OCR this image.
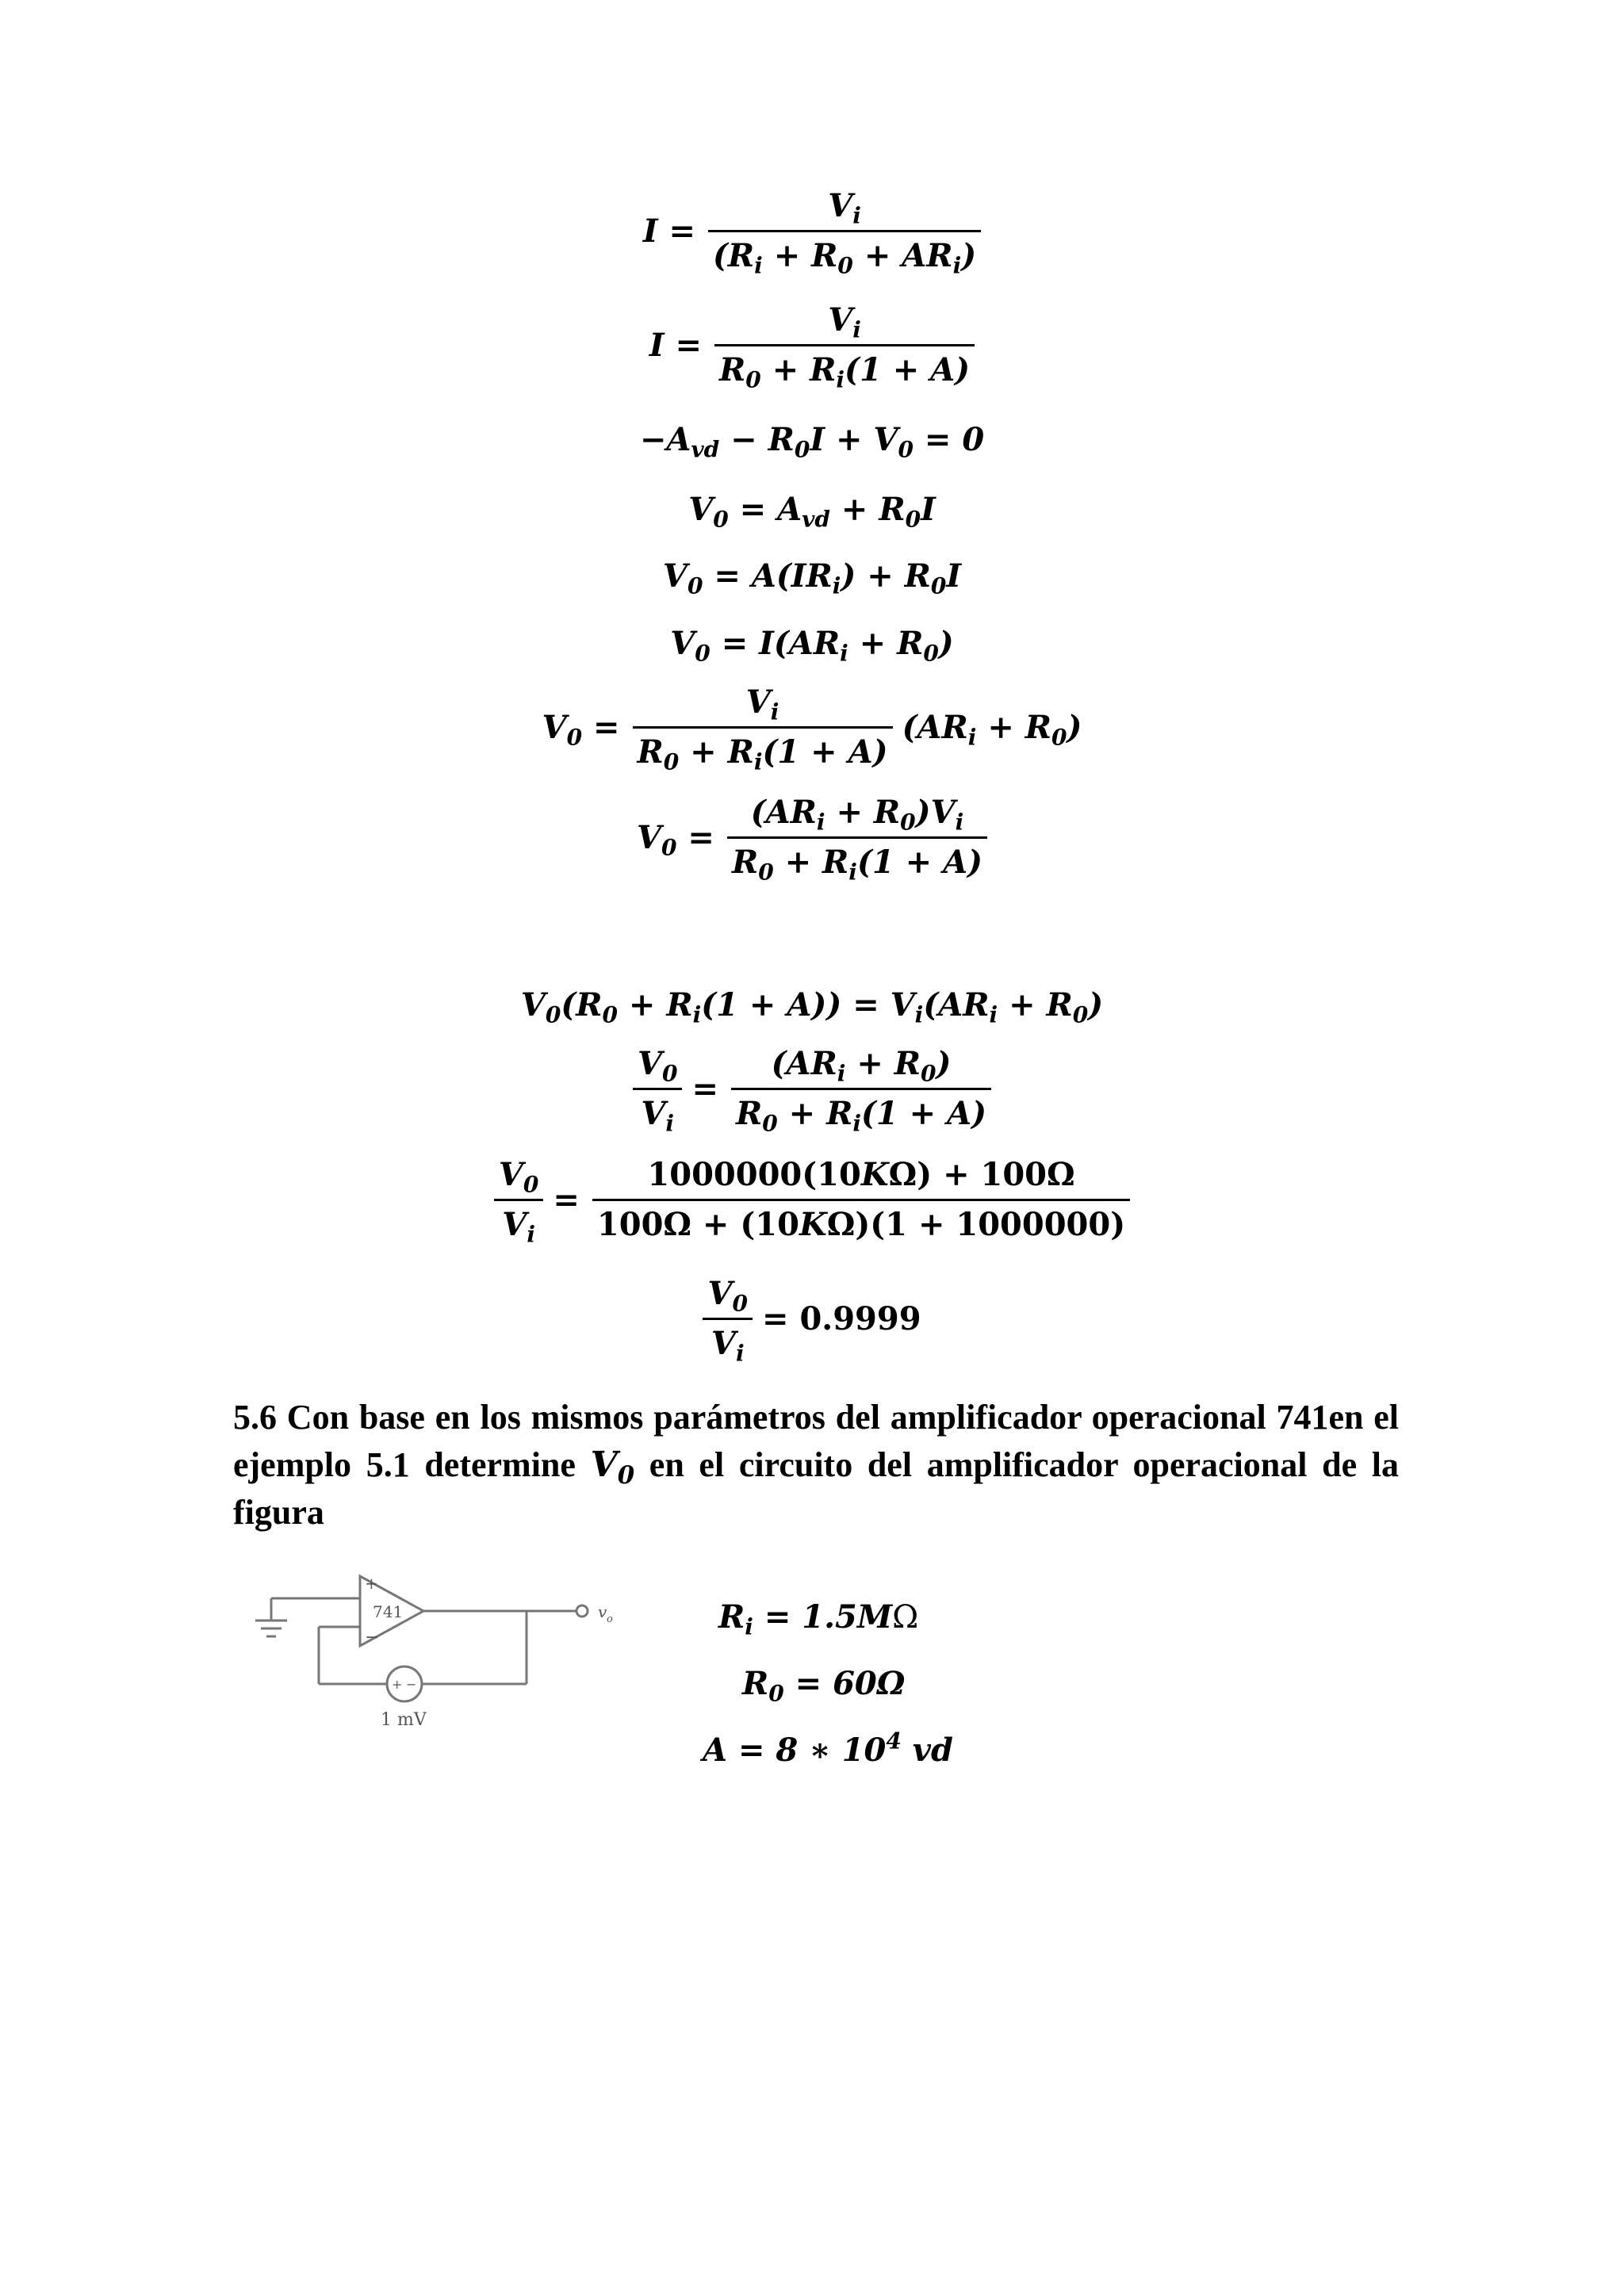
$I = \frac{V_i}{(R_i + R_0 + AR_i)}$
$I = \frac{V_i}{R_0 + R_i(1 + A)}$
$-A_{vd} - R_0I + V_0 = 0$
$V_0 = A_{vd} + R_0I$
$V_0 = A(IR_i) + R_0I$
$V_0 = I(AR_i + R_0)$
$V_0 = \frac{V_i}{R_0 + R_i(1 + A)} (AR_i + R_0)$
$V_0 = \frac{(AR_i + R_0)V_i}{R_0 + R_i(1 + A)}$
$V_0(R_0 + R_i(1 + A)) = V_i(AR_i + R_0)$
$\frac{V_0}{V_i} = \frac{(AR_i + R_0)}{R_0 + R_i(1 + A)}$
$\frac{V_0}{V_i} = \frac{1000000(10K\Omega) + 100\Omega}{100\Omega + (10K\Omega)(1 + 1000000)}$
$\frac{V_0}{V_i} = 0.9999$
5.6 Con base en los mismos parámetros del amplificador operacional 741en el ejemplo 5.1 determine $V_0$ en el circuito del amplificador operacional de la figura
+
−
741	v o
+ −
1 mV
$R_i = 1.5M\Omega$
$R_0 = 60\Omega$
A = 8 ∗ $10^4$ vd
